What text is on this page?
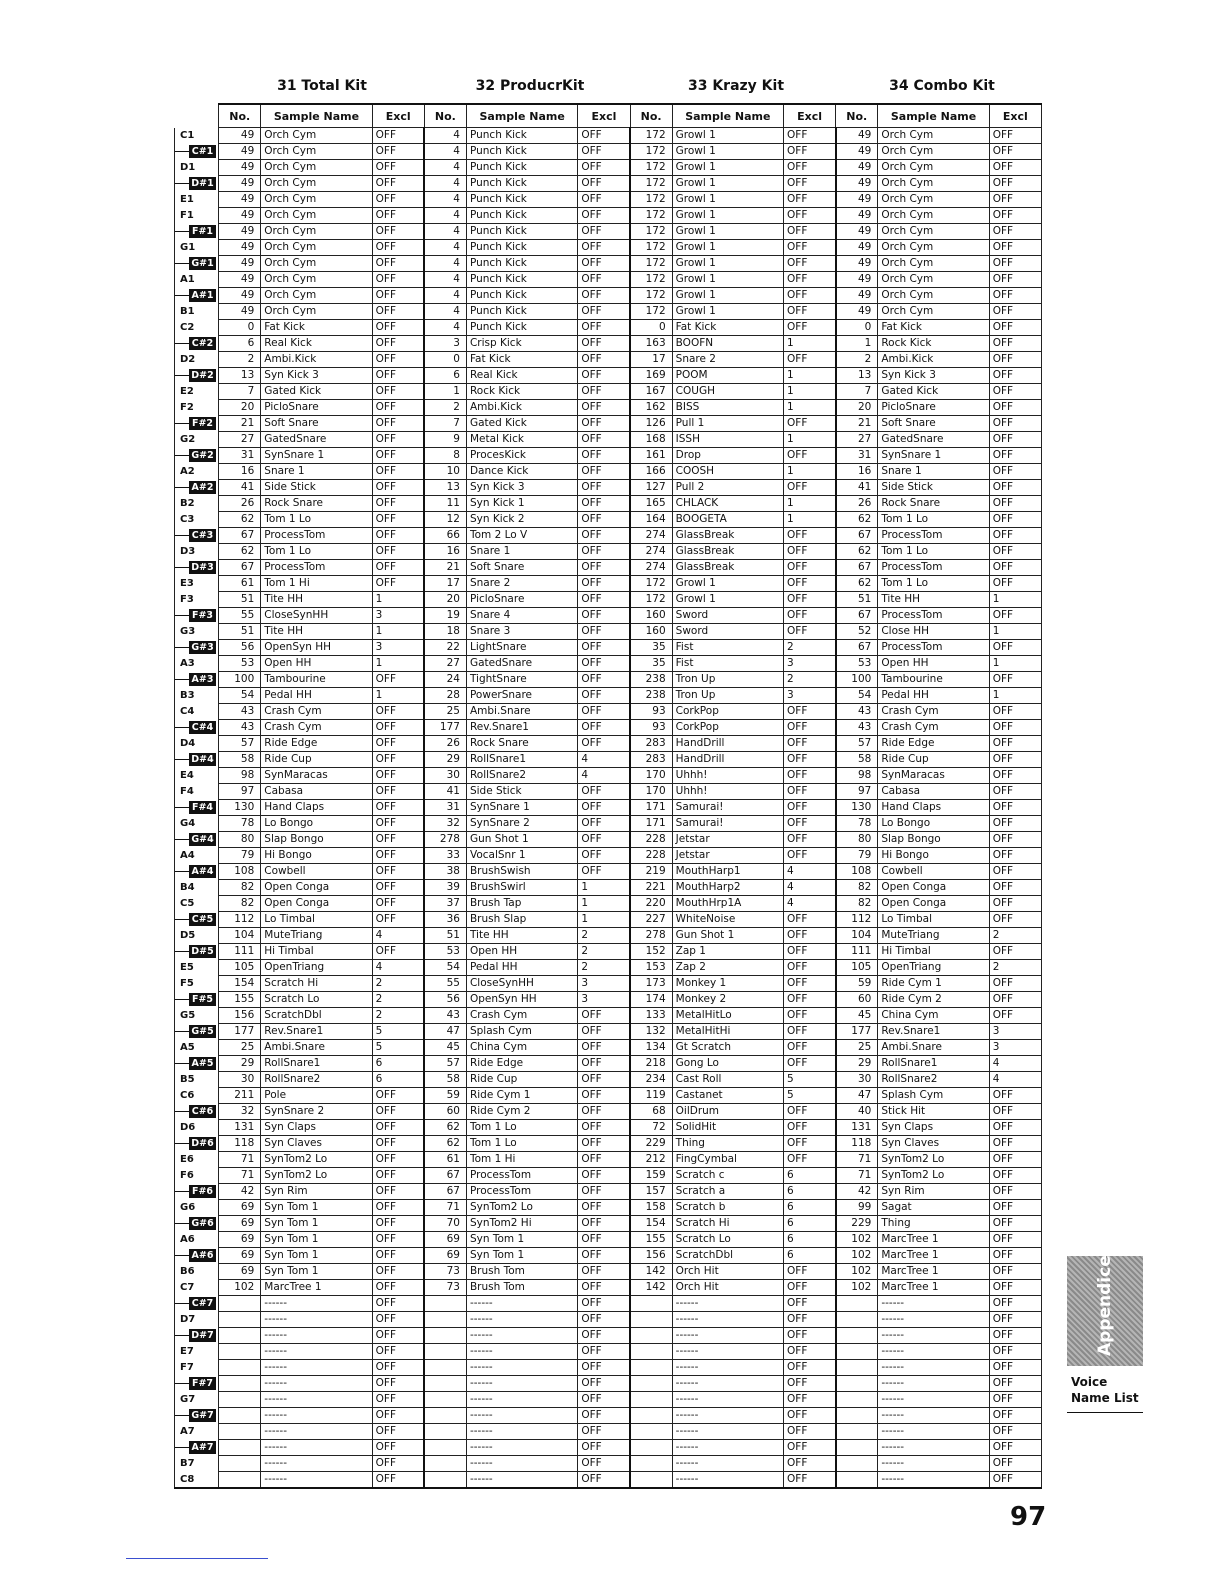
31 Total Kit	32 ProducrKit	33 Krazy Kit	34 Combo Kit
	No.	Sample Name	Excl	No.	Sample Name	Excl	No.	Sample Name	Excl	No.	Sample Name	Excl
C1	49	Orch Cym	OFF	4	Punch Kick	OFF	172	Growl 1	OFF	49	Orch Cym	OFF

C#1	49	Orch Cym	OFF	4	Punch Kick	OFF	172	Growl 1	OFF	49	Orch Cym	OFF
D1	49	Orch Cym	OFF	4	Punch Kick	OFF	172	Growl 1	OFF	49	Orch Cym	OFF

D#1	49	Orch Cym	OFF	4	Punch Kick	OFF	172	Growl 1	OFF	49	Orch Cym	OFF
E1	49	Orch Cym	OFF	4	Punch Kick	OFF	172	Growl 1	OFF	49	Orch Cym	OFF
F1	49	Orch Cym	OFF	4	Punch Kick	OFF	172	Growl 1	OFF	49	Orch Cym	OFF

F#1	49	Orch Cym	OFF	4	Punch Kick	OFF	172	Growl 1	OFF	49	Orch Cym	OFF
G1	49	Orch Cym	OFF	4	Punch Kick	OFF	172	Growl 1	OFF	49	Orch Cym	OFF

G#1	49	Orch Cym	OFF	4	Punch Kick	OFF	172	Growl 1	OFF	49	Orch Cym	OFF
A1	49	Orch Cym	OFF	4	Punch Kick	OFF	172	Growl 1	OFF	49	Orch Cym	OFF

A#1	49	Orch Cym	OFF	4	Punch Kick	OFF	172	Growl 1	OFF	49	Orch Cym	OFF
B1	49	Orch Cym	OFF	4	Punch Kick	OFF	172	Growl 1	OFF	49	Orch Cym	OFF
C2	0	Fat Kick	OFF	4	Punch Kick	OFF	0	Fat Kick	OFF	0	Fat Kick	OFF

C#2	6	Real Kick	OFF	3	Crisp Kick	OFF	163	BOOFN	1	1	Rock Kick	OFF
D2	2	Ambi.Kick	OFF	0	Fat Kick	OFF	17	Snare 2	OFF	2	Ambi.Kick	OFF

D#2	13	Syn Kick 3	OFF	6	Real Kick	OFF	169	POOM	1	13	Syn Kick 3	OFF
E2	7	Gated Kick	OFF	1	Rock Kick	OFF	167	COUGH	1	7	Gated Kick	OFF
F2	20	PicloSnare	OFF	2	Ambi.Kick	OFF	162	BISS	1	20	PicloSnare	OFF

F#2	21	Soft Snare	OFF	7	Gated Kick	OFF	126	Pull 1	OFF	21	Soft Snare	OFF
G2	27	GatedSnare	OFF	9	Metal Kick	OFF	168	ISSH	1	27	GatedSnare	OFF

G#2	31	SynSnare 1	OFF	8	ProcesKick	OFF	161	Drop	OFF	31	SynSnare 1	OFF
A2	16	Snare 1	OFF	10	Dance Kick	OFF	166	COOSH	1	16	Snare 1	OFF

A#2	41	Side Stick	OFF	13	Syn Kick 3	OFF	127	Pull 2	OFF	41	Side Stick	OFF
B2	26	Rock Snare	OFF	11	Syn Kick 1	OFF	165	CHLACK	1	26	Rock Snare	OFF
C3	62	Tom 1 Lo	OFF	12	Syn Kick 2	OFF	164	BOOGETA	1	62	Tom 1 Lo	OFF

C#3	67	ProcessTom	OFF	66	Tom 2 Lo V	OFF	274	GlassBreak	OFF	67	ProcessTom	OFF
D3	62	Tom 1 Lo	OFF	16	Snare 1	OFF	274	GlassBreak	OFF	62	Tom 1 Lo	OFF

D#3	67	ProcessTom	OFF	21	Soft Snare	OFF	274	GlassBreak	OFF	67	ProcessTom	OFF
E3	61	Tom 1 Hi	OFF	17	Snare 2	OFF	172	Growl 1	OFF	62	Tom 1 Lo	OFF
F3	51	Tite HH	1	20	PicloSnare	OFF	172	Growl 1	OFF	51	Tite HH	1

F#3	55	CloseSynHH	3	19	Snare 4	OFF	160	Sword	OFF	67	ProcessTom	OFF
G3	51	Tite HH	1	18	Snare 3	OFF	160	Sword	OFF	52	Close HH	1

G#3	56	OpenSyn HH	3	22	LightSnare	OFF	35	Fist	2	67	ProcessTom	OFF
A3	53	Open HH	1	27	GatedSnare	OFF	35	Fist	3	53	Open HH	1

A#3	100	Tambourine	OFF	24	TightSnare	OFF	238	Tron Up	2	100	Tambourine	OFF
B3	54	Pedal HH	1	28	PowerSnare	OFF	238	Tron Up	3	54	Pedal HH	1
C4	43	Crash Cym	OFF	25	Ambi.Snare	OFF	93	CorkPop	OFF	43	Crash Cym	OFF

C#4	43	Crash Cym	OFF	177	Rev.Snare1	OFF	93	CorkPop	OFF	43	Crash Cym	OFF
D4	57	Ride Edge	OFF	26	Rock Snare	OFF	283	HandDrill	OFF	57	Ride Edge	OFF

D#4	58	Ride Cup	OFF	29	RollSnare1	4	283	HandDrill	OFF	58	Ride Cup	OFF
E4	98	SynMaracas	OFF	30	RollSnare2	4	170	Uhhh!	OFF	98	SynMaracas	OFF
F4	97	Cabasa	OFF	41	Side Stick	OFF	170	Uhhh!	OFF	97	Cabasa	OFF

F#4	130	Hand Claps	OFF	31	SynSnare 1	OFF	171	Samurai!	OFF	130	Hand Claps	OFF
G4	78	Lo Bongo	OFF	32	SynSnare 2	OFF	171	Samurai!	OFF	78	Lo Bongo	OFF

G#4	80	Slap Bongo	OFF	278	Gun Shot 1	OFF	228	Jetstar	OFF	80	Slap Bongo	OFF
A4	79	Hi Bongo	OFF	33	VocalSnr 1	OFF	228	Jetstar	OFF	79	Hi Bongo	OFF

A#4	108	Cowbell	OFF	38	BrushSwish	OFF	219	MouthHarp1	4	108	Cowbell	OFF
B4	82	Open Conga	OFF	39	BrushSwirl	1	221	MouthHarp2	4	82	Open Conga	OFF
C5	82	Open Conga	OFF	37	Brush Tap	1	220	MouthHrp1A	4	82	Open Conga	OFF

C#5	112	Lo Timbal	OFF	36	Brush Slap	1	227	WhiteNoise	OFF	112	Lo Timbal	OFF
D5	104	MuteTriang	4	51	Tite HH	2	278	Gun Shot 1	OFF	104	MuteTriang	2

D#5	111	Hi Timbal	OFF	53	Open HH	2	152	Zap 1	OFF	111	Hi Timbal	OFF
E5	105	OpenTriang	4	54	Pedal HH	2	153	Zap 2	OFF	105	OpenTriang	2
F5	154	Scratch Hi	2	55	CloseSynHH	3	173	Monkey 1	OFF	59	Ride Cym 1	OFF

F#5	155	Scratch Lo	2	56	OpenSyn HH	3	174	Monkey 2	OFF	60	Ride Cym 2	OFF
G5	156	ScratchDbl	2	43	Crash Cym	OFF	133	MetalHitLo	OFF	45	China Cym	OFF

G#5	177	Rev.Snare1	5	47	Splash Cym	OFF	132	MetalHitHi	OFF	177	Rev.Snare1	3
A5	25	Ambi.Snare	5	45	China Cym	OFF	134	Gt Scratch	OFF	25	Ambi.Snare	3

A#5	29	RollSnare1	6	57	Ride Edge	OFF	218	Gong Lo	OFF	29	RollSnare1	4
B5	30	RollSnare2	6	58	Ride Cup	OFF	234	Cast Roll	5	30	RollSnare2	4
C6	211	Pole	OFF	59	Ride Cym 1	OFF	119	Castanet	5	47	Splash Cym	OFF

C#6	32	SynSnare 2	OFF	60	Ride Cym 2	OFF	68	OilDrum	OFF	40	Stick Hit	OFF
D6	131	Syn Claps	OFF	62	Tom 1 Lo	OFF	72	SolidHit	OFF	131	Syn Claps	OFF

D#6	118	Syn Claves	OFF	62	Tom 1 Lo	OFF	229	Thing	OFF	118	Syn Claves	OFF
E6	71	SynTom2 Lo	OFF	61	Tom 1 Hi	OFF	212	FingCymbal	OFF	71	SynTom2 Lo	OFF
F6	71	SynTom2 Lo	OFF	67	ProcessTom	OFF	159	Scratch c	6	71	SynTom2 Lo	OFF

F#6	42	Syn Rim	OFF	67	ProcessTom	OFF	157	Scratch a	6	42	Syn Rim	OFF
G6	69	Syn Tom 1	OFF	71	SynTom2 Lo	OFF	158	Scratch b	6	99	Sagat	OFF

G#6	69	Syn Tom 1	OFF	70	SynTom2 Hi	OFF	154	Scratch Hi	6	229	Thing	OFF
A6	69	Syn Tom 1	OFF	69	Syn Tom 1	OFF	155	Scratch Lo	6	102	MarcTree 1	OFF

A#6	69	Syn Tom 1	OFF	69	Syn Tom 1	OFF	156	ScratchDbl	6	102	MarcTree 1	OFF
B6	69	Syn Tom 1	OFF	73	Brush Tom	OFF	142	Orch Hit	OFF	102	MarcTree 1	OFF
C7	102	MarcTree 1	OFF	73	Brush Tom	OFF	142	Orch Hit	OFF	102	MarcTree 1	OFF

C#7		------	OFF		------	OFF		------	OFF		------	OFF
D7		------	OFF		------	OFF		------	OFF		------	OFF

D#7		------	OFF		------	OFF		------	OFF		------	OFF
E7		------	OFF		------	OFF		------	OFF		------	OFF
F7		------	OFF		------	OFF		------	OFF		------	OFF

F#7		------	OFF		------	OFF		------	OFF		------	OFF
G7		------	OFF		------	OFF		------	OFF		------	OFF

G#7		------	OFF		------	OFF		------	OFF		------	OFF
A7		------	OFF		------	OFF		------	OFF		------	OFF

A#7		------	OFF		------	OFF		------	OFF		------	OFF
B7		------	OFF		------	OFF		------	OFF		------	OFF
C8		------	OFF		------	OFF		------	OFF		------	OFF
Appendices
Voice Name List
97
